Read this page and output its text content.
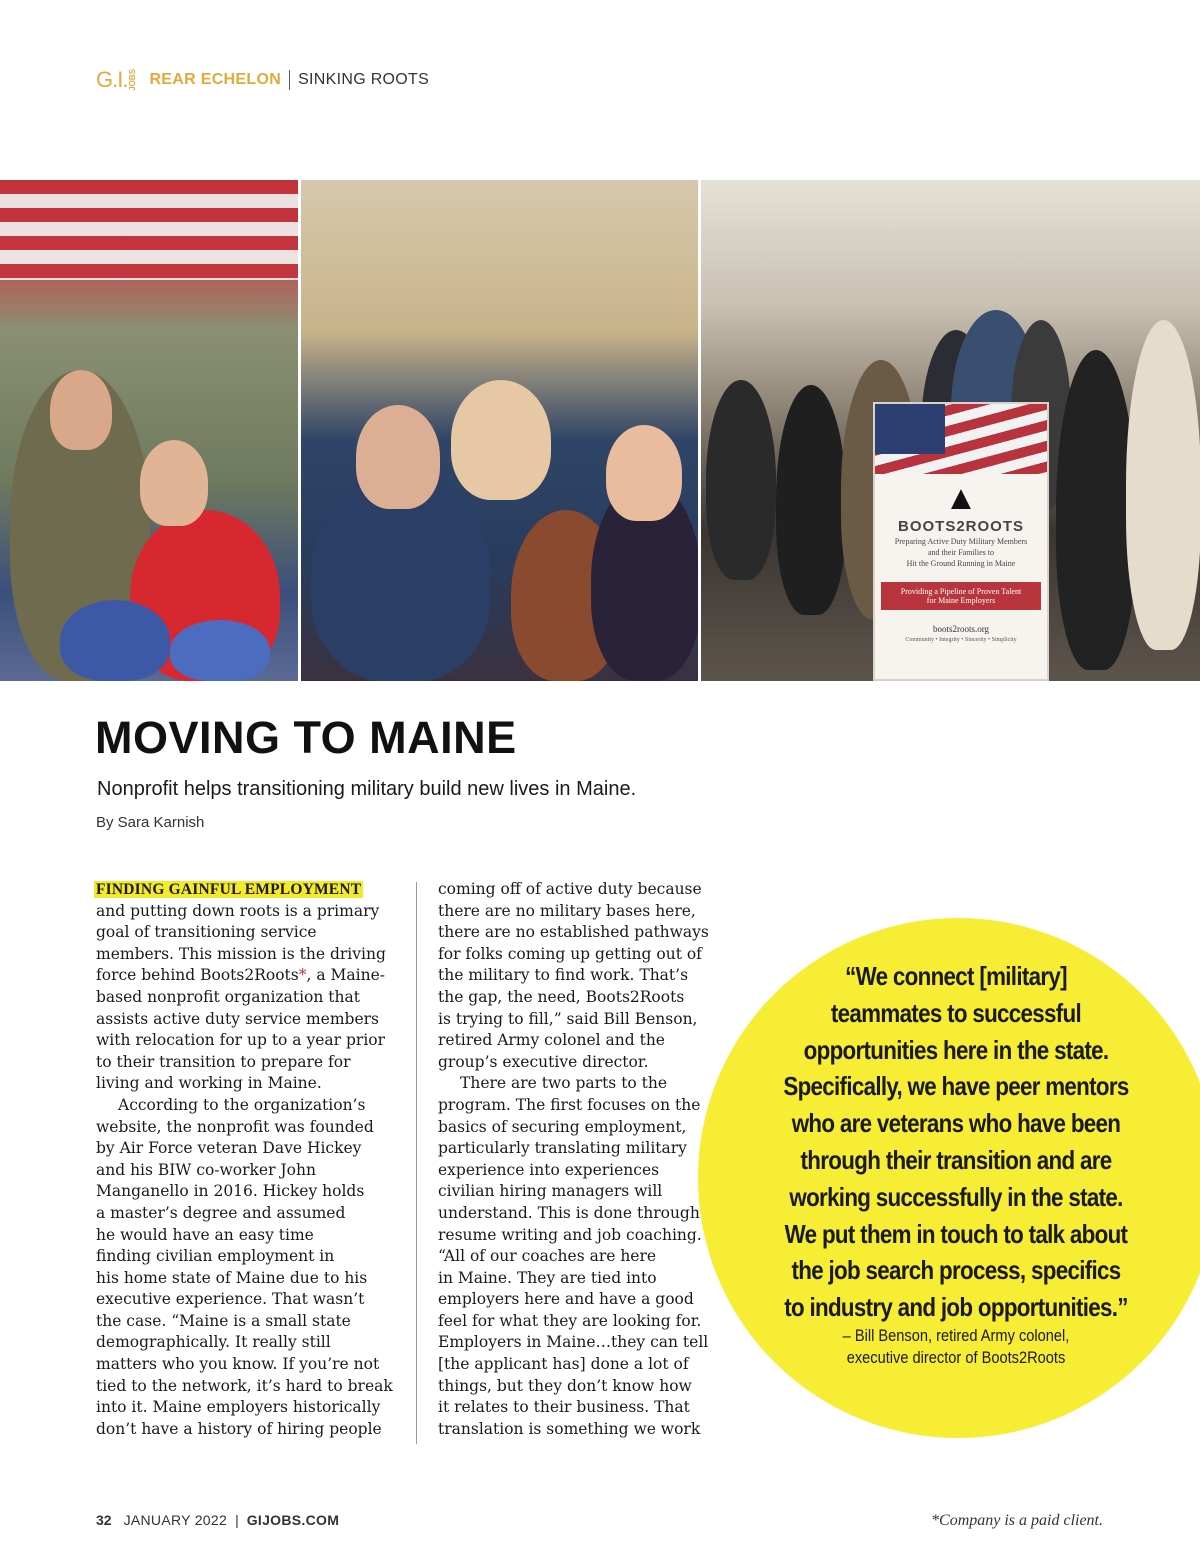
G.I. JOBS REAR ECHELON SINKING ROOTS
▲
BOOTS2ROOTS
Preparing Active Duty Military Members
and their Families to
Hit the Ground Running in Maine
Providing a Pipeline of Proven Talent
for Maine Employers
boots2roots.org
Community • Integrity • Sincerity • Simplicity
MOVING TO MAINE
Nonprofit helps transitioning military build new lives in Maine.
By Sara Karnish
FINDING GAINFUL EMPLOYMENT
and putting down roots is a primary
goal of transitioning service
members. This mission is the driving
force behind Boots2Roots*, a Maine-
based nonprofit organization that
assists active duty service members
with relocation for up to a year prior
to their transition to prepare for
living and working in Maine.
According to the organization’s
website, the nonprofit was founded
by Air Force veteran Dave Hickey
and his BIW co-worker John
Manganello in 2016. Hickey holds
a master’s degree and assumed
he would have an easy time
finding civilian employment in
his home state of Maine due to his
executive experience. That wasn’t
the case. “Maine is a small state
demographically. It really still
matters who you know. If you’re not
tied to the network, it’s hard to break
into it. Maine employers historically
don’t have a history of hiring people
coming off of active duty because
there are no military bases here,
there are no established pathways
for folks coming up getting out of
the military to find work. That’s
the gap, the need, Boots2Roots
is trying to fill,” said Bill Benson,
retired Army colonel and the
group’s executive director.
There are two parts to the
program. The first focuses on the
basics of securing employment,
particularly translating military
experience into experiences
civilian hiring managers will
understand. This is done through
resume writing and job coaching.
“All of our coaches are here
in Maine. They are tied into
employers here and have a good
feel for what they are looking for.
Employers in Maine…they can tell
[the applicant has] done a lot of
things, but they don’t know how
it relates to their business. That
translation is something we work
“We connect [military]
teammates to successful
opportunities here in the state.
Specifically, we have peer mentors
who are veterans who have been
through their transition and are
working successfully in the state.
We put them in touch to talk about
the job search process, specifics
to industry and job opportunities.”
– Bill Benson, retired Army colonel,
executive director of Boots2Roots
32 JANUARY 2022 | GIJOBS.COM	*Company is a paid client.
